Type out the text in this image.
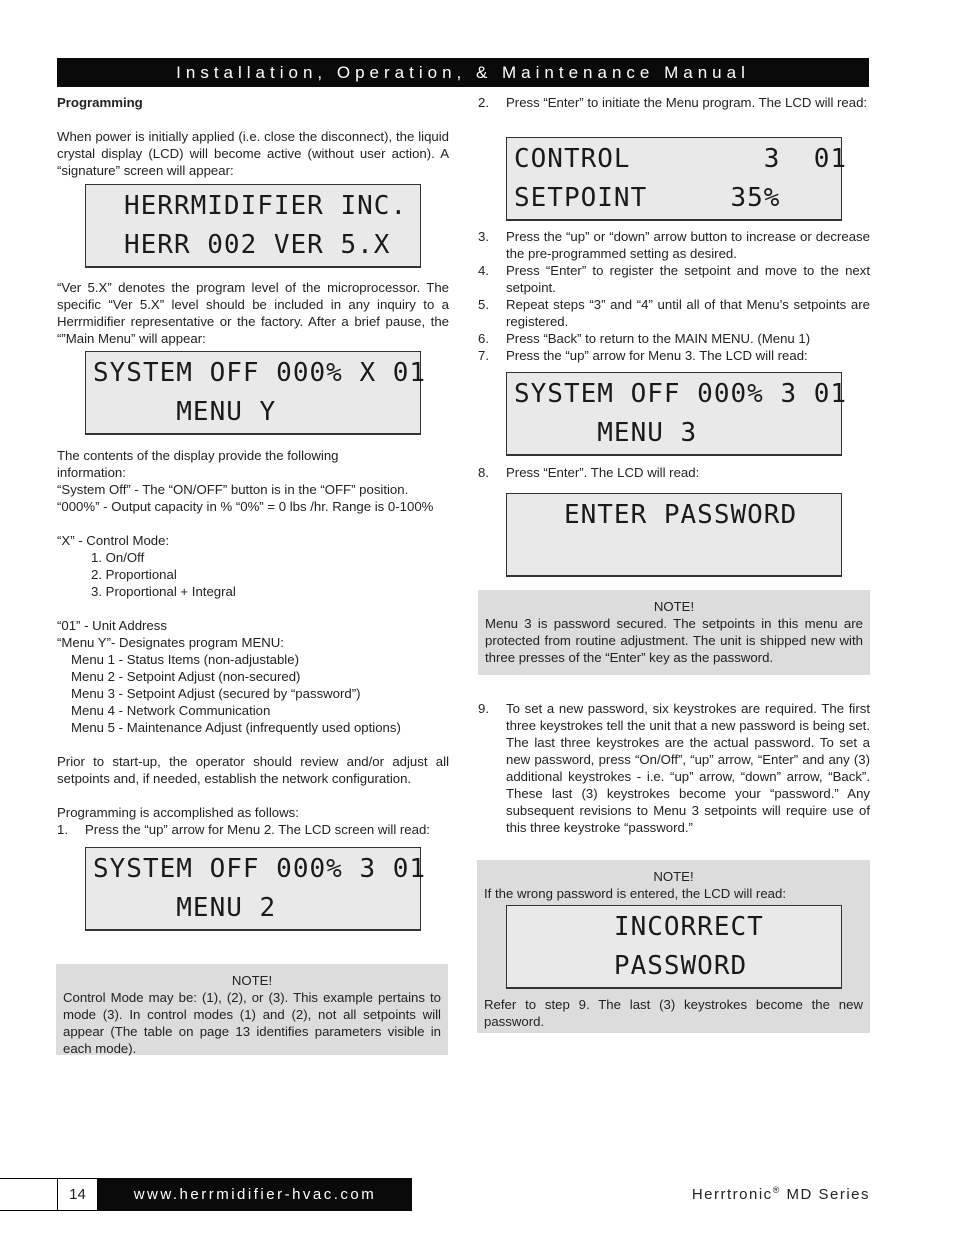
Installation, Operation, & Maintenance Manual

Programming

When power is initially applied (i.e. close the disconnect), the liquid crystal display (LCD) will become active (without user action). A “signature” screen will appear:

HERRMIDIFIER INC.
HERR 002 VER 5.X

“Ver 5.X” denotes the program level of the microprocessor. The specific “Ver 5.X” level should be included in any inquiry to a Herrmidifier representative or the factory. After a brief pause, the “”Main Menu” will appear:

SYSTEM OFF 000% X 01
MENU Y

The contents of the display provide the following information:

“System Off” - The “ON/OFF” button is in the “OFF” position.

“000%” - Output capacity in % “0%” = 0 lbs /hr. Range is 0-100%

“X” - Control Mode:

1. On/Off

2. Proportional

3. Proportional + Integral

“01” - Unit Address

“Menu Y”- Designates program MENU:

Menu 1 - Status Items (non-adjustable)

Menu 2 - Setpoint Adjust (non-secured)

Menu 3 - Setpoint Adjust (secured by “password”)

Menu 4 - Network Communication

Menu 5 - Maintenance Adjust (infrequently used options)

Prior to start-up, the operator should review and/or adjust all setpoints and, if needed, establish the network configuration.

Programming is accomplished as follows:

1. Press the “up” arrow for Menu 2. The LCD screen will read:
SYSTEM OFF 000% 3 01
MENU 2
NOTE!
Control Mode may be: (1), (2), or (3). This example pertains to mode (3). In control modes (1) and (2), not all setpoints will appear (The table on page 13 identifies parameters visible in each mode).
2. Press “Enter” to initiate the Menu program. The LCD will read:
CONTROL        3  01
SETPOINT     35%
3. Press the “up” or “down” arrow button to increase or decrease the pre-programmed setting as desired.
4. Press “Enter” to register the setpoint and move to the next setpoint.
5. Repeat steps “3” and “4” until all of that Menu’s setpoints are registered.
6. Press “Back” to return to the MAIN MENU. (Menu 1)
7. Press the “up” arrow for Menu 3. The LCD will read:
SYSTEM OFF 000% 3 01
MENU 3
8. Press “Enter”. The LCD will read:
ENTER PASSWORD
NOTE!
Menu 3 is password secured. The setpoints in this menu are protected from routine adjustment. The unit is shipped new with three presses of the “Enter” key as the password.
9. To set a new password, six keystrokes are required. The first three keystrokes tell the unit that a new password is being set. The last three keystrokes are the actual password. To set a new password, press “On/Off”, “up” arrow, “Enter” and any (3) additional keystrokes - i.e. “up” arrow, “down” arrow, “Back”. These last (3) keystrokes become your “password.” Any subsequent revisions to Menu 3 setpoints will require use of this three keystroke “password.”
NOTE!
If the wrong password is entered, the LCD will read:
Refer to step 9. The last (3) keystrokes become the new password.
INCORRECT
PASSWORD
14	www.herrmidifier-hvac.com	Herrtronic® MD Series
